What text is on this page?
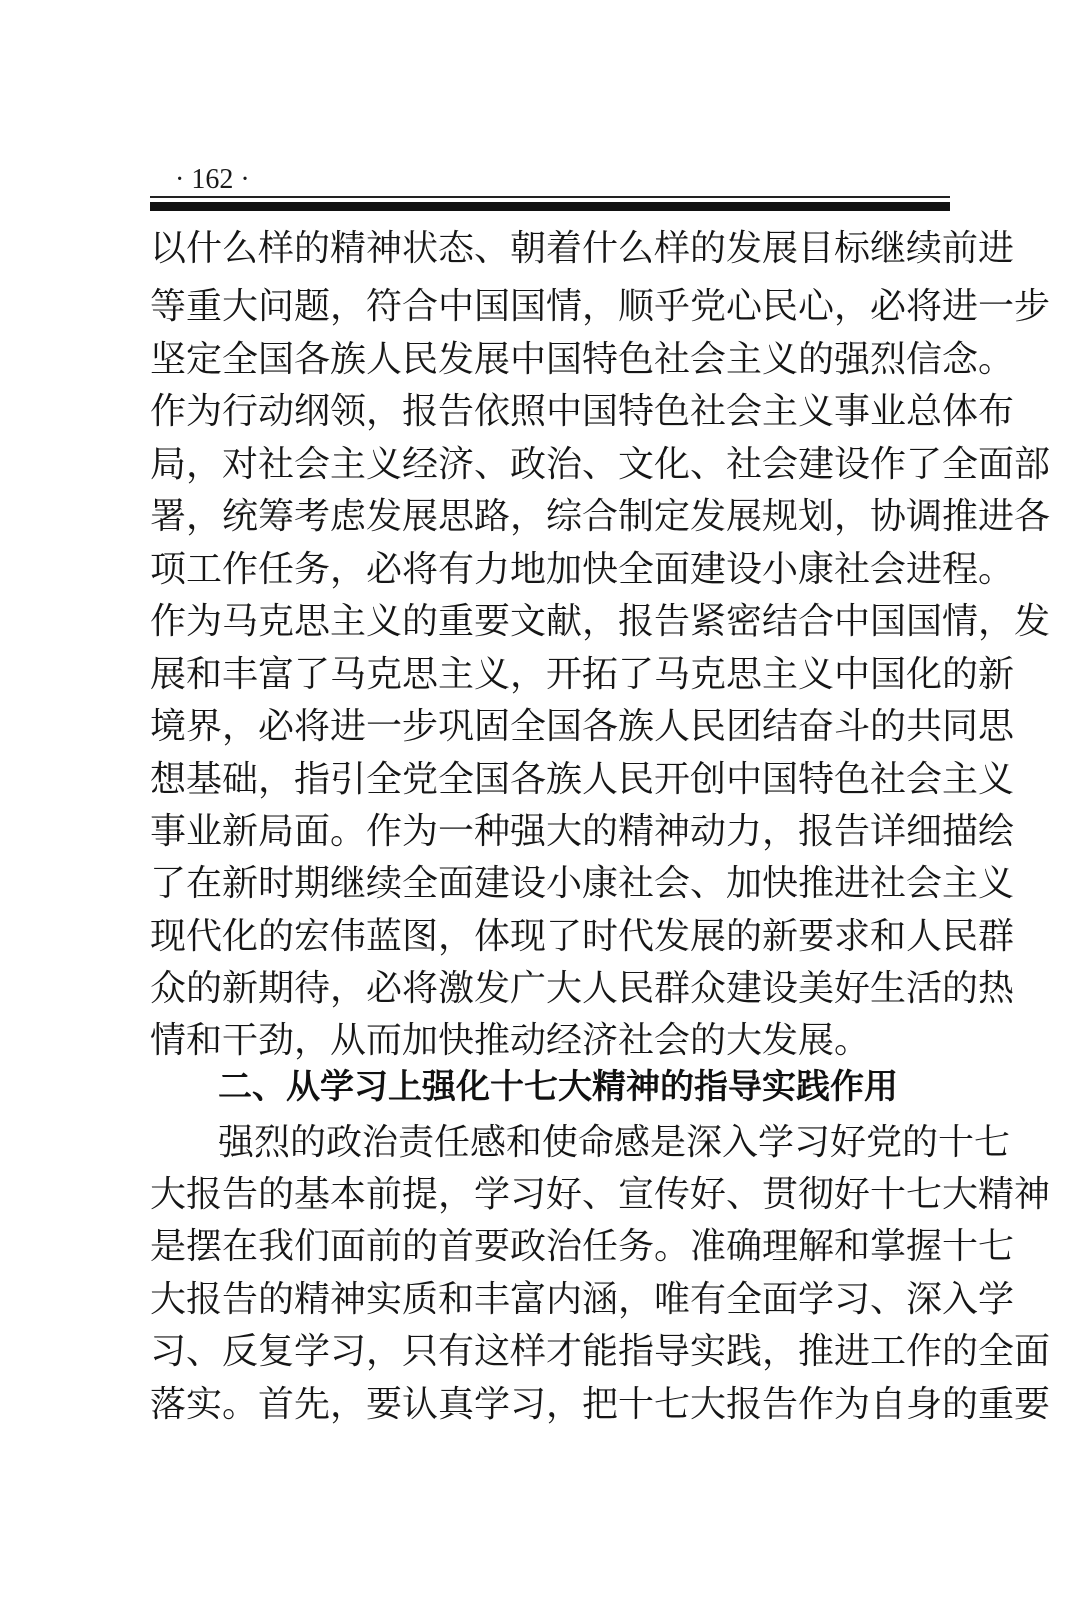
· 162 ·
以什么样的精神状态、朝着什么样的发展目标继续前进
等重大问题，符合中国国情，顺乎党心民心，必将进一步
坚定全国各族人民发展中国特色社会主义的强烈信念。
作为行动纲领，报告依照中国特色社会主义事业总体布
局，对社会主义经济、政治、文化、社会建设作了全面部
署，统筹考虑发展思路，综合制定发展规划，协调推进各
项工作任务，必将有力地加快全面建设小康社会进程。
作为马克思主义的重要文献，报告紧密结合中国国情，发
展和丰富了马克思主义，开拓了马克思主义中国化的新
境界，必将进一步巩固全国各族人民团结奋斗的共同思
想基础，指引全党全国各族人民开创中国特色社会主义
事业新局面。作为一种强大的精神动力，报告详细描绘
了在新时期继续全面建设小康社会、加快推进社会主义
现代化的宏伟蓝图，体现了时代发展的新要求和人民群
众的新期待，必将激发广大人民群众建设美好生活的热
情和干劲，从而加快推动经济社会的大发展。
二、从学习上强化十七大精神的指导实践作用
强烈的政治责任感和使命感是深入学习好党的十七
大报告的基本前提，学习好、宣传好、贯彻好十七大精神
是摆在我们面前的首要政治任务。准确理解和掌握十七
大报告的精神实质和丰富内涵，唯有全面学习、深入学
习、反复学习，只有这样才能指导实践，推进工作的全面
落实。首先，要认真学习，把十七大报告作为自身的重要
